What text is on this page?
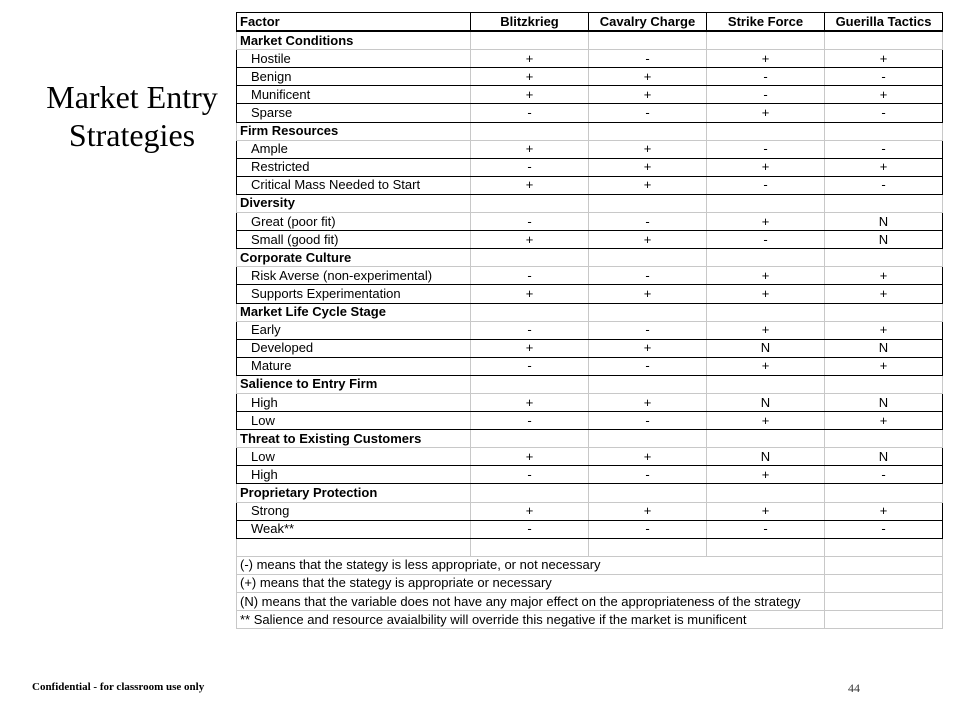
Market Entry Strategies
Factor	Blitzkrieg	Cavalry Charge	Strike Force	Guerilla Tactics
Market Conditions				
Hostile	+	-	+	+
Benign	+	+	-	-
Munificent	+	+	-	+
Sparse	-	-	+	-
Firm Resources				
Ample	+	+	-	-
Restricted	-	+	+	+
Critical Mass Needed to Start	+	+	-	-
Diversity				
Great (poor fit)	-	-	+	N
Small (good fit)	+	+	-	N
Corporate Culture				
Risk Averse (non-experimental)	-	-	+	+
Supports Experimentation	+	+	+	+
Market Life Cycle Stage				
Early	-	-	+	+
Developed	+	+	N	N
Mature	-	-	+	+
Salience to Entry Firm				
High	+	+	N	N
Low	-	-	+	+
Threat to Existing Customers				
Low	+	+	N	N
High	-	-	+	-
Proprietary Protection				
Strong	+	+	+	+
Weak**	-	-	-	-

(-) means that the stategy is less appropriate, or not necessary				
(+) means that the stategy is appropriate or necessary				
(N) means that the variable does not have any major effect on the appropriateness of the strategy				
** Salience and resource avaialbility will override this negative if the market is munificent				
Confidential - for classroom use only	44
